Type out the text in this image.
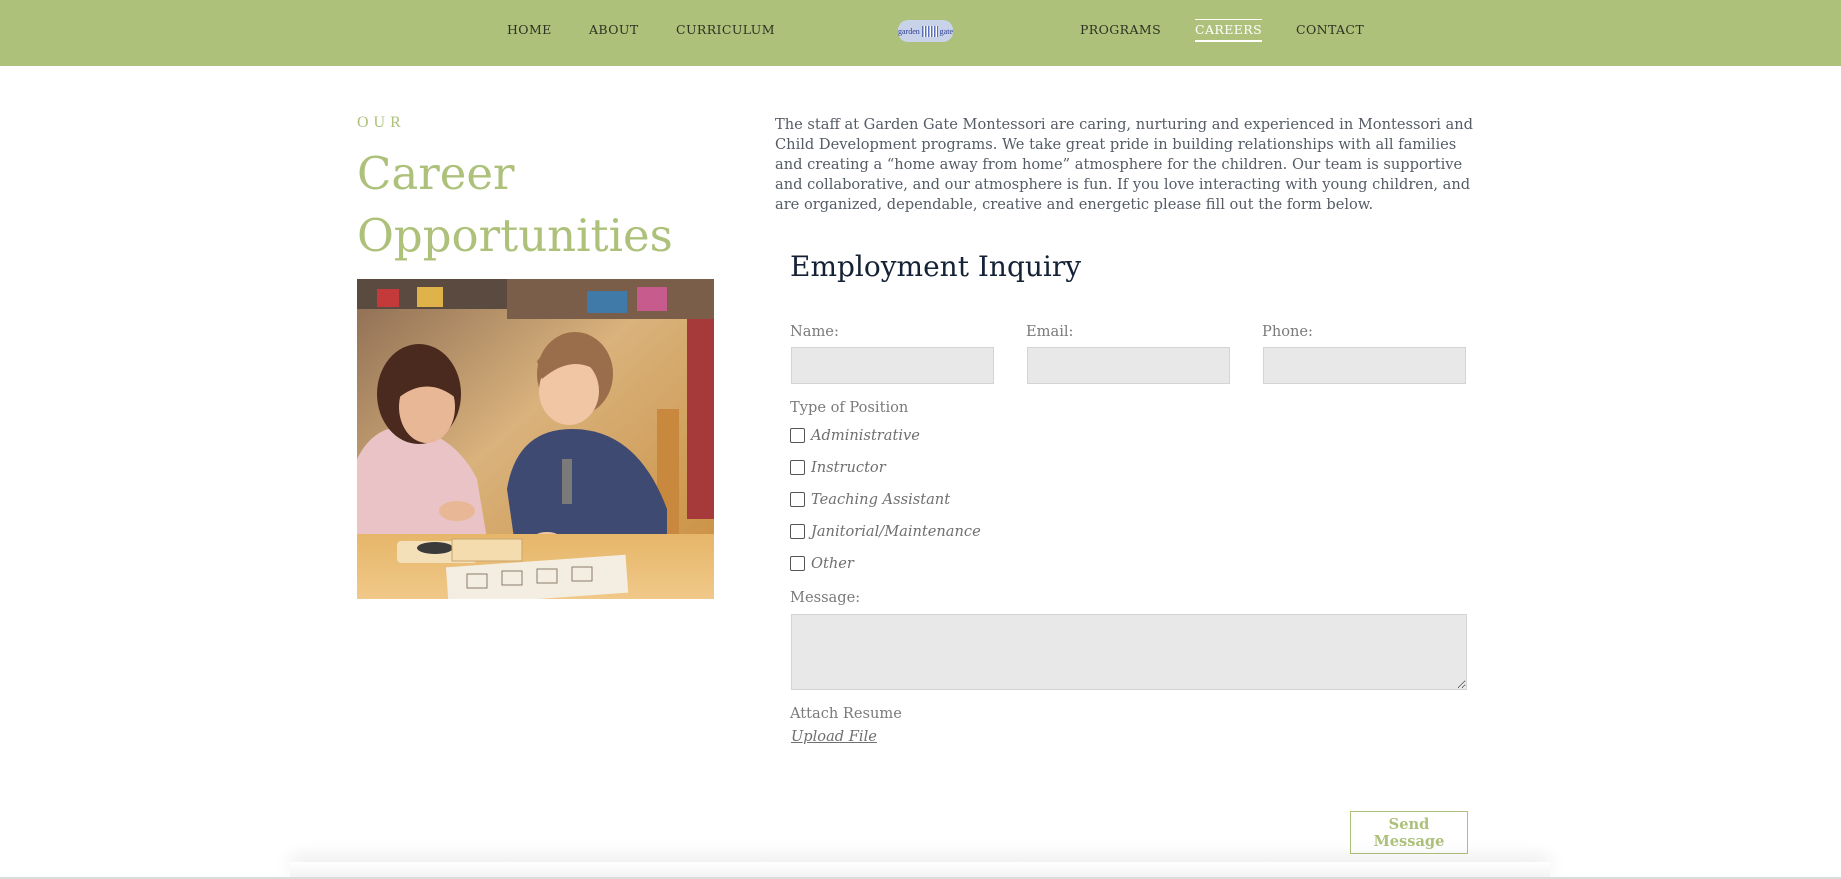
HOME	ABOUT	CURRICULUM	garden gate	PROGRAMS	CAREERS	CONTACT
OUR
Career Opportunities

The staff at Garden Gate Montessori are caring, nurturing and experienced in Montessori and Child Development programs. We take great pride in building relationships with all families and creating a “home away from home” atmosphere for the children. Our team is supportive and collaborative, and our atmosphere is fun. If you love interacting with young children, and are organized, dependable, creative and energetic please fill out the form below.

Employment Inquiry
Name:	Email:	Phone:
Type of Position
Administrative
Instructor
Teaching Assistant
Janitorial/Maintenance
Other
Message:
Attach Resume
Upload File
Send Message
